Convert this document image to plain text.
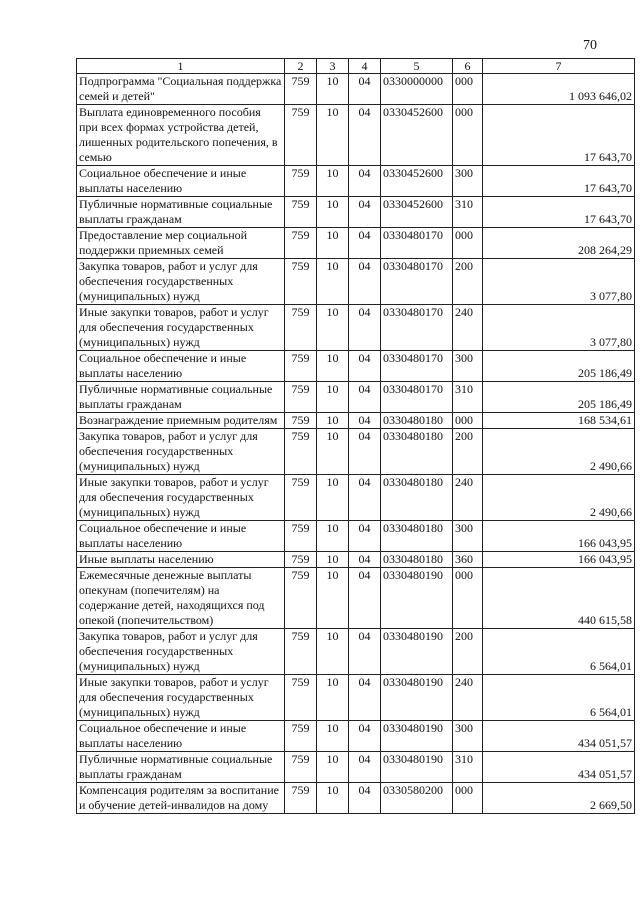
70
1	2	3	4	5	6	7
Подпрограмма "Социальная поддержка семей и детей"	759	10	04	0330000000	000	1 093 646,02
Выплата единовременного пособия при всех формах устройства детей, лишенных родительского попечения, в семью	759	10	04	0330452600	000	17 643,70
Социальное обеспечение и иные выплаты населению	759	10	04	0330452600	300	17 643,70
Публичные нормативные социальные выплаты гражданам	759	10	04	0330452600	310	17 643,70
Предоставление мер социальной поддержки приемных семей	759	10	04	0330480170	000	208 264,29
Закупка товаров, работ и услуг для обеспечения государственных (муниципальных) нужд	759	10	04	0330480170	200	3 077,80
Иные закупки товаров, работ и услуг для обеспечения государственных (муниципальных) нужд	759	10	04	0330480170	240	3 077,80
Социальное обеспечение и иные выплаты населению	759	10	04	0330480170	300	205 186,49
Публичные нормативные социальные выплаты гражданам	759	10	04	0330480170	310	205 186,49
Вознаграждение приемным родителям	759	10	04	0330480180	000	168 534,61
Закупка товаров, работ и услуг для обеспечения государственных (муниципальных) нужд	759	10	04	0330480180	200	2 490,66
Иные закупки товаров, работ и услуг для обеспечения государственных (муниципальных) нужд	759	10	04	0330480180	240	2 490,66
Социальное обеспечение и иные выплаты населению	759	10	04	0330480180	300	166 043,95
Иные выплаты населению	759	10	04	0330480180	360	166 043,95
Ежемесячные денежные выплаты опекунам (попечителям) на содержание детей, находящихся под опекой (попечительством)	759	10	04	0330480190	000	440 615,58
Закупка товаров, работ и услуг для обеспечения государственных (муниципальных) нужд	759	10	04	0330480190	200	6 564,01
Иные закупки товаров, работ и услуг для обеспечения государственных (муниципальных) нужд	759	10	04	0330480190	240	6 564,01
Социальное обеспечение и иные выплаты населению	759	10	04	0330480190	300	434 051,57
Публичные нормативные социальные выплаты гражданам	759	10	04	0330480190	310	434 051,57
Компенсация родителям за воспитание и обучение детей-инвалидов на дому	759	10	04	0330580200	000	2 669,50
